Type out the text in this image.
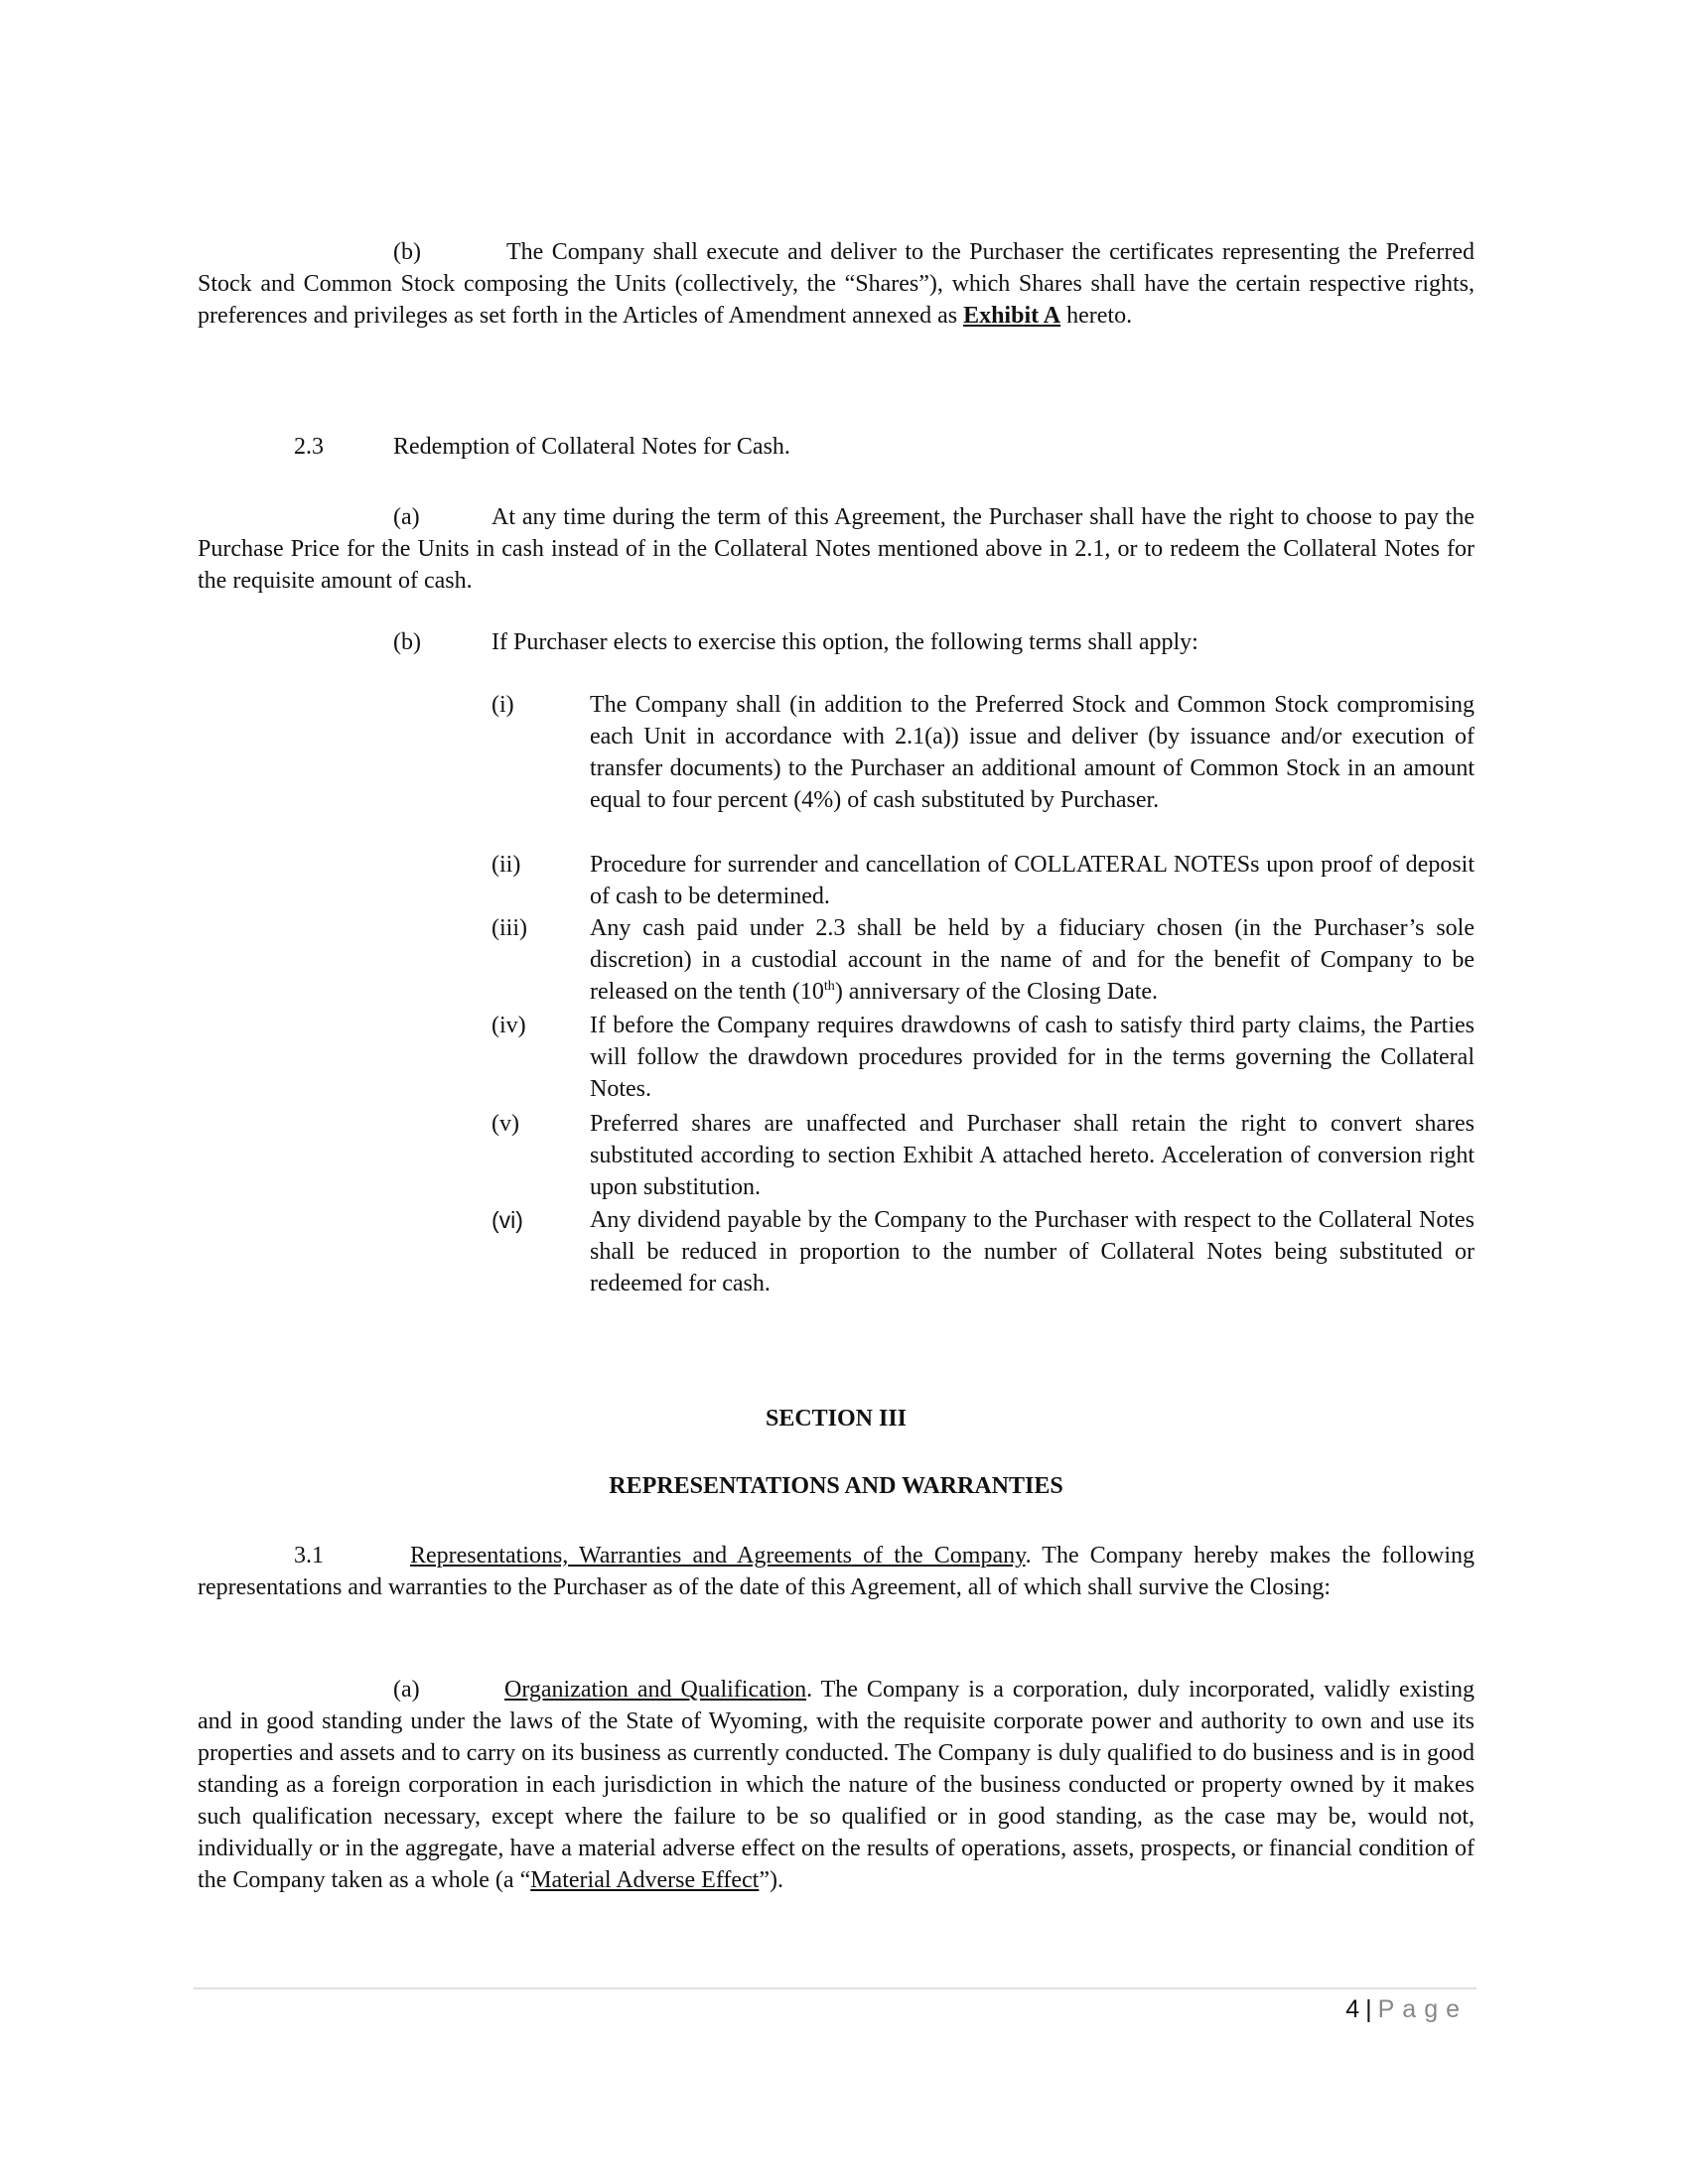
(b)	The Company shall execute and deliver to the Purchaser the certificates representing the Preferred Stock and Common Stock composing the Units (collectively, the “Shares”), which Shares shall have the certain respective rights, preferences and privileges as set forth in the Articles of Amendment annexed as Exhibit A hereto.
2.3	Redemption of Collateral Notes for Cash.
(a)	At any time during the term of this Agreement, the Purchaser shall have the right to choose to pay the Purchase Price for the Units in cash instead of in the Collateral Notes mentioned above in 2.1, or to redeem the Collateral Notes for the requisite amount of cash.
(b)	If Purchaser elects to exercise this option, the following terms shall apply:
(i)	The Company shall (in addition to the Preferred Stock and Common Stock compromising each Unit in accordance with 2.1(a)) issue and deliver (by issuance and/or execution of transfer documents) to the Purchaser an additional amount of Common Stock in an amount equal to four percent (4%) of cash substituted by Purchaser.
(ii)	Procedure for surrender and cancellation of COLLATERAL NOTESs upon proof of deposit of cash to be determined.
(iii)	Any cash paid under 2.3 shall be held by a fiduciary chosen (in the Purchaser’s sole discretion) in a custodial account in the name of and for the benefit of Company to be released on the tenth (10th) anniversary of the Closing Date.
(iv)	If before the Company requires drawdowns of cash to satisfy third party claims, the Parties will follow the drawdown procedures provided for in the terms governing the Collateral Notes.
(v)	Preferred shares are unaffected and Purchaser shall retain the right to convert shares substituted according to section Exhibit A attached hereto. Acceleration of conversion right upon substitution.
(vi)	Any dividend payable by the Company to the Purchaser with respect to the Collateral Notes shall be reduced in proportion to the number of Collateral Notes being substituted or redeemed for cash.
SECTION III
REPRESENTATIONS AND WARRANTIES
3.1	Representations, Warranties and Agreements of the Company. The Company hereby makes the following representations and warranties to the Purchaser as of the date of this Agreement, all of which shall survive the Closing:
(a)	Organization and Qualification. The Company is a corporation, duly incorporated, validly existing and in good standing under the laws of the State of Wyoming, with the requisite corporate power and authority to own and use its properties and assets and to carry on its business as currently conducted. The Company is duly qualified to do business and is in good standing as a foreign corporation in each jurisdiction in which the nature of the business conducted or property owned by it makes such qualification necessary, except where the failure to be so qualified or in good standing, as the case may be, would not, individually or in the aggregate, have a material adverse effect on the results of operations, assets, prospects, or financial condition of the Company taken as a whole (a “Material Adverse Effect”).
4 | Page
